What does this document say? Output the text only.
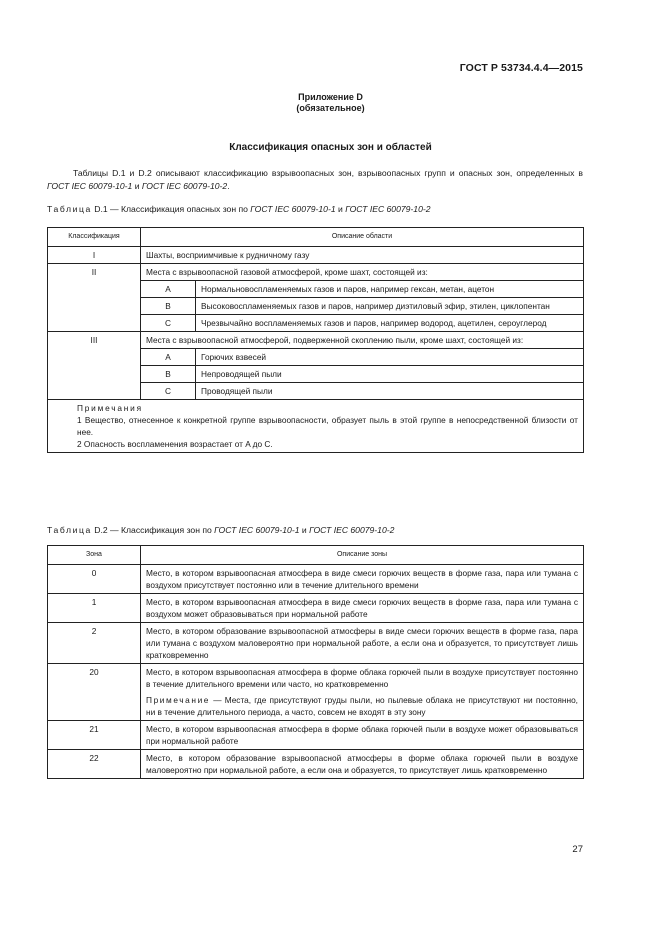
ГОСТ Р 53734.4.4—2015
Приложение D
(обязательное)
Классификация опасных зон и областей
Таблицы D.1 и D.2 описывают классификацию взрывоопасных зон, взрывоопасных групп и опасных зон, определенных в ГОСТ IEC 60079-10-1 и ГОСТ IEC 60079-10-2.
Таблица D.1 — Классификация опасных зон по ГОСТ IEC 60079-10-1 и ГОСТ IEC 60079-10-2
Классификация	Описание области	
I	Шахты, восприимчивые к рудничному газу	
II	Места с взрывоопасной газовой атмосферой, кроме шахт, состоящей из:	
	A	Нормальновоспламеняемых газов и паров, например гексан, метан, ацетон
	B	Высоковоспламеняемых газов и паров, например диэтиловый эфир, этилен, циклопентан
	C	Чрезвычайно воспламеняемых газов и паров, например водород, ацетилен, сероуглерод
III	Места с взрывоопасной атмосферой, подверженной скоплению пыли, кроме шахт, состоящей из:	
	A	Горючих взвесей
	B	Непроводящей пыли
	C	Проводящей пыли

Примечания
1 Вещество, отнесенное к конкретной группе взрывоопасности, образует пыль в этой группе в непосредственной близости от нее.
2 Опасность воспламенения возрастает от A до C.		
Таблица D.2 — Классификация зон по ГОСТ IEC 60079-10-1 и ГОСТ IEC 60079-10-2
Зона	Описание зоны
0	Место, в котором взрывоопасная атмосфера в виде смеси горючих веществ в форме газа, пара или тумана с воздухом присутствует постоянно или в течение длительного времени
1	Место, в котором взрывоопасная атмосфера в виде смеси горючих веществ в форме газа, пара или тумана с воздухом может образовываться при нормальной работе
2	Место, в котором образование взрывоопасной атмосферы в виде смеси горючих веществ в форме газа, пара или тумана с воздухом маловероятно при нормальной работе, а если она и образуется, то присутствует лишь кратковременно
20	Место, в котором взрывоопасная атмосфера в форме облака горючей пыли в воздухе присутствует постоянно в течение длительного времени или часто, но кратковременно
Примечание — Места, где присутствуют груды пыли, но пылевые облака не присутствуют ни постоянно, ни в течение длительного периода, а часто, совсем не входят в эту зону

21	Место, в котором взрывоопасная атмосфера в форме облака горючей пыли в воздухе может образовываться при нормальной работе
22	Место, в котором образование взрывоопасной атмосферы в форме облака горючей пыли в воздухе маловероятно при нормальной работе, а если она и образуется, то присутствует лишь кратковременно
27
